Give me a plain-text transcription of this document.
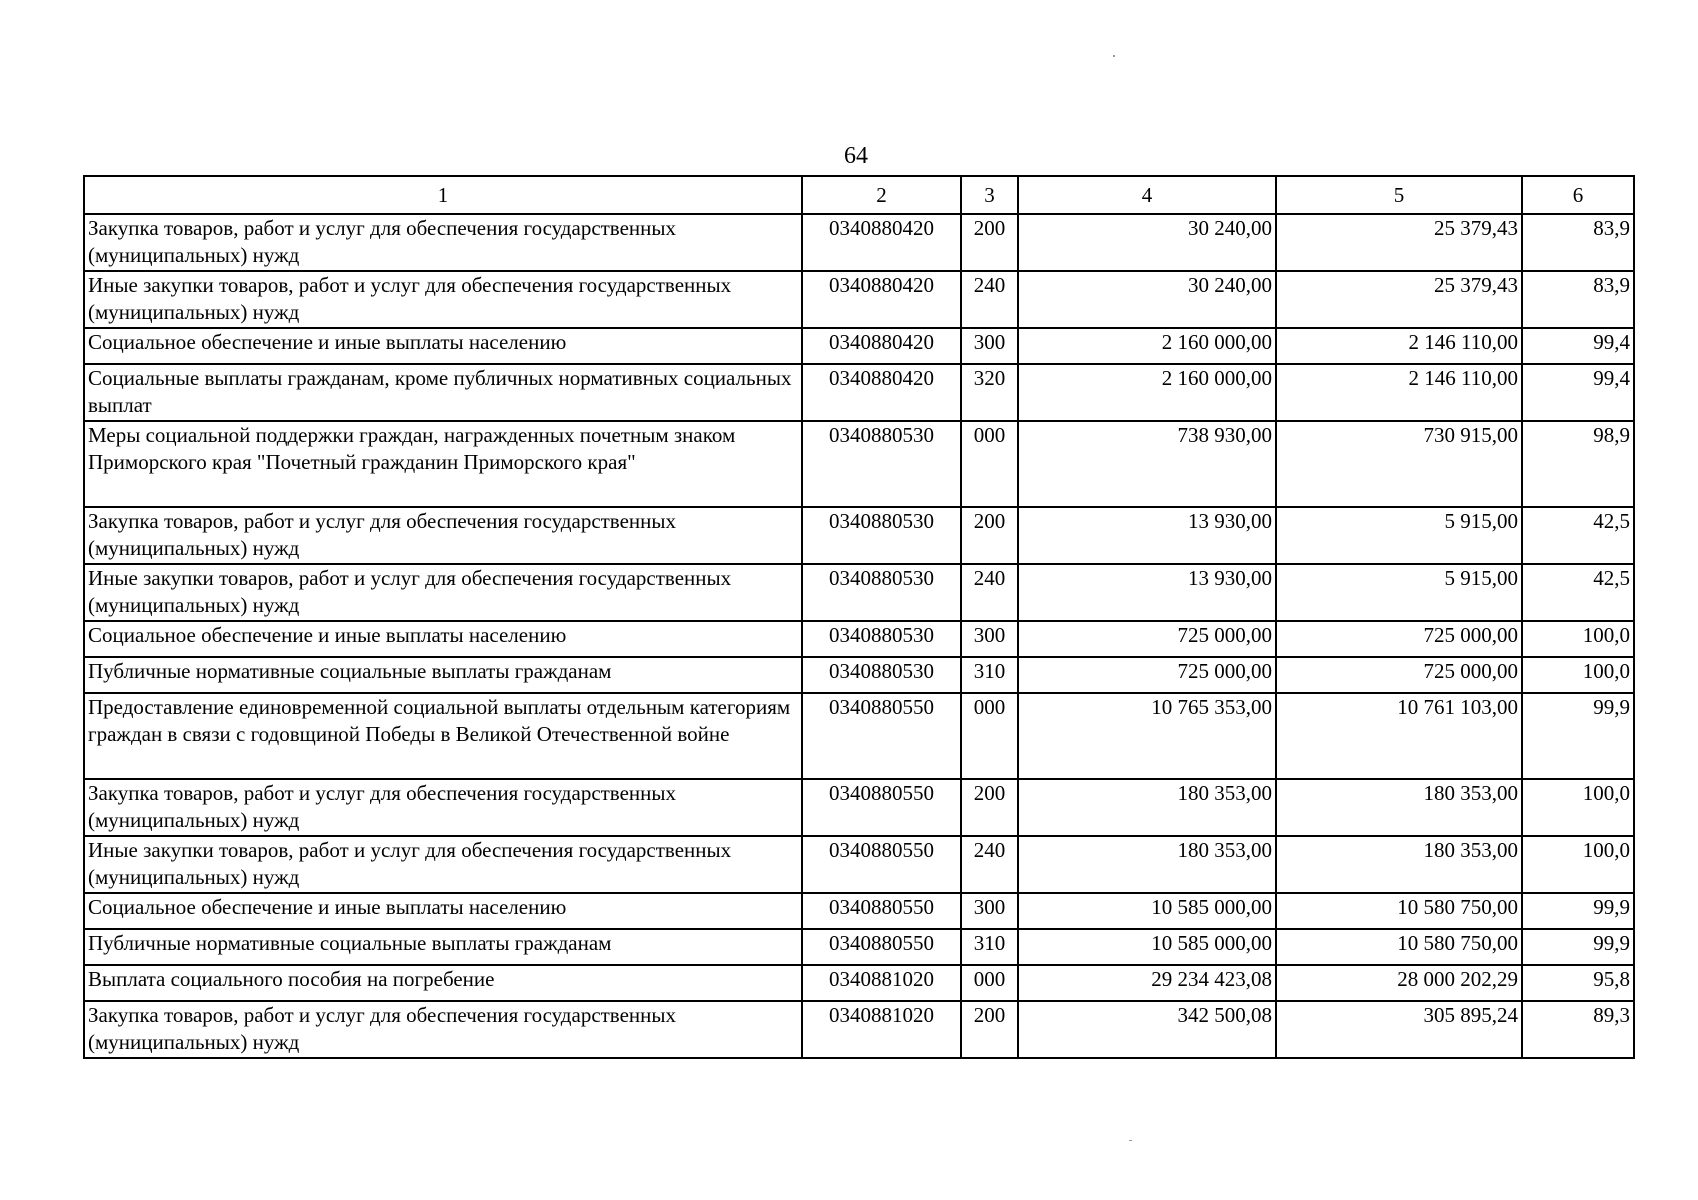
64
1	2	3	4	5	6
Закупка товаров, работ и услуг для обеспечения государственных (муниципальных) нужд	0340880420	200	30 240,00	25 379,43	83,9
Иные закупки товаров, работ и услуг для обеспечения государственных (муниципальных) нужд	0340880420	240	30 240,00	25 379,43	83,9
Социальное обеспечение и иные выплаты населению	0340880420	300	2 160 000,00	2 146 110,00	99,4
Социальные выплаты гражданам, кроме публичных нормативных социальных выплат	0340880420	320	2 160 000,00	2 146 110,00	99,4
Меры социальной поддержки граждан, награжденных почетным знаком Приморского края "Почетный гражданин Приморского края"	0340880530	000	738 930,00	730 915,00	98,9
Закупка товаров, работ и услуг для обеспечения государственных (муниципальных) нужд	0340880530	200	13 930,00	5 915,00	42,5
Иные закупки товаров, работ и услуг для обеспечения государственных (муниципальных) нужд	0340880530	240	13 930,00	5 915,00	42,5
Социальное обеспечение и иные выплаты населению	0340880530	300	725 000,00	725 000,00	100,0
Публичные нормативные социальные выплаты гражданам	0340880530	310	725 000,00	725 000,00	100,0
Предоставление единовременной социальной выплаты отдельным категориям граждан в связи с годовщиной Победы в Великой Отечественной войне	0340880550	000	10 765 353,00	10 761 103,00	99,9
Закупка товаров, работ и услуг для обеспечения государственных (муниципальных) нужд	0340880550	200	180 353,00	180 353,00	100,0
Иные закупки товаров, работ и услуг для обеспечения государственных (муниципальных) нужд	0340880550	240	180 353,00	180 353,00	100,0
Социальное обеспечение и иные выплаты населению	0340880550	300	10 585 000,00	10 580 750,00	99,9
Публичные нормативные социальные выплаты гражданам	0340880550	310	10 585 000,00	10 580 750,00	99,9
Выплата социального пособия на погребение	0340881020	000	29 234 423,08	28 000 202,29	95,8
Закупка товаров, работ и услуг для обеспечения государственных (муниципальных) нужд	0340881020	200	342 500,08	305 895,24	89,3
